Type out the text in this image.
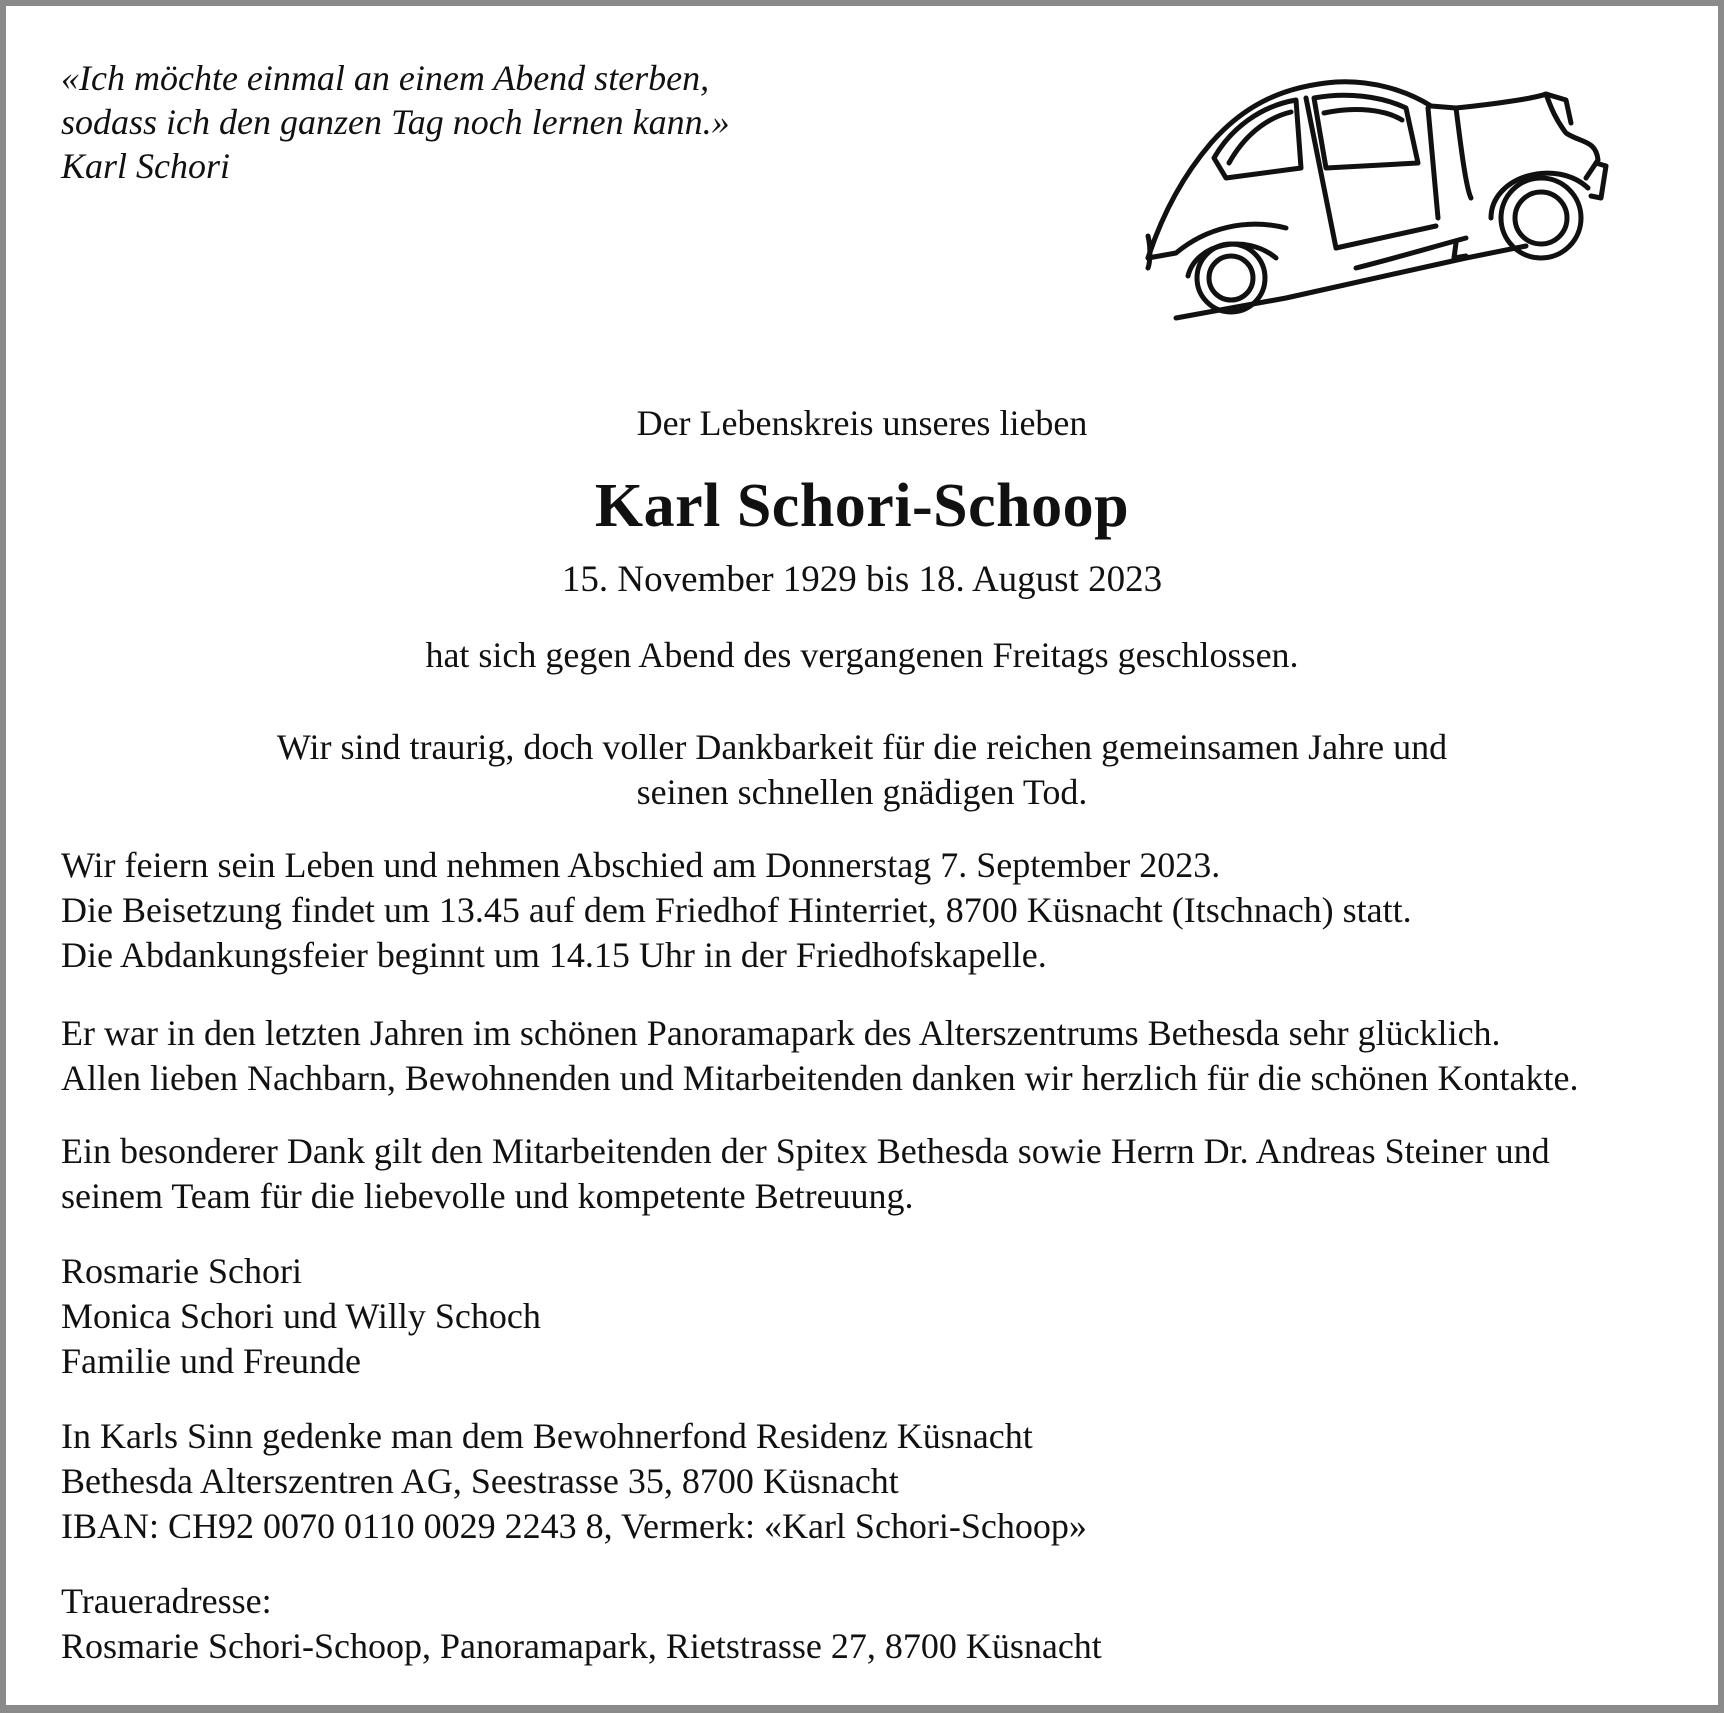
«Ich möchte einmal an einem Abend sterben,
sodass ich den ganzen Tag noch lernen kann.»
Karl Schori
Der Lebenskreis unseres lieben
Karl Schori-Schoop
15. November 1929 bis 18. August 2023
hat sich gegen Abend des vergangenen Freitags geschlossen.
Wir sind traurig, doch voller Dankbarkeit für die reichen gemeinsamen Jahre und
seinen schnellen gnädigen Tod.
Wir feiern sein Leben und nehmen Abschied am Donnerstag 7. September 2023.
Die Beisetzung findet um 13.45 auf dem Friedhof Hinterriet, 8700 Küsnacht (Itschnach) statt.
Die Abdankungsfeier beginnt um 14.15 Uhr in der Friedhofskapelle.
Er war in den letzten Jahren im schönen Panoramapark des Alterszentrums Bethesda sehr glücklich.
Allen lieben Nachbarn, Bewohnenden und Mitarbeitenden danken wir herzlich für die schönen Kontakte.
Ein besonderer Dank gilt den Mitarbeitenden der Spitex Bethesda sowie Herrn Dr. Andreas Steiner und
seinem Team für die liebevolle und kompetente Betreuung.
Rosmarie Schori
Monica Schori und Willy Schoch
Familie und Freunde
In Karls Sinn gedenke man dem Bewohnerfond Residenz Küsnacht
Bethesda Alterszentren AG, Seestrasse 35, 8700 Küsnacht
IBAN: CH92 0070 0110 0029 2243 8, Vermerk: «Karl Schori-Schoop»
Traueradresse:
Rosmarie Schori-Schoop, Panoramapark, Rietstrasse 27, 8700 Küsnacht
